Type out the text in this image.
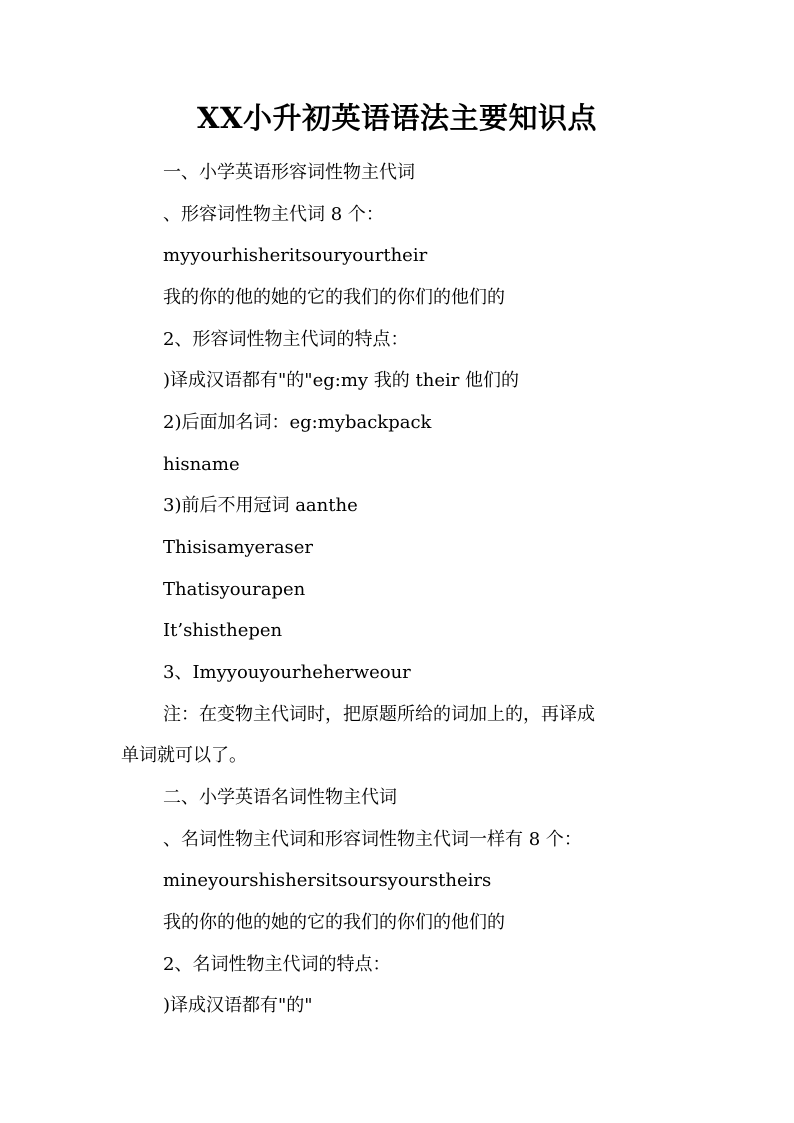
XX小升初英语语法主要知识点
一、小学英语形容词性物主代词
、形容词性物主代词 8 个：
myyourhisheritsouryourtheir
我的你的他的她的它的我们的你们的他们的
2、形容词性物主代词的特点：
)译成汉语都有"的"eg:my 我的 their 他们的
2)后面加名词：eg:mybackpack
hisname
3)前后不用冠词 aanthe
Thisisamyeraser
Thatisyourapen
It’shisthepen
3、Imyyouyourheherweour
注：在变物主代词时，把原题所给的词加上的，再译成
单词就可以了。
二、小学英语名词性物主代词
、名词性物主代词和形容词性物主代词一样有 8 个：
mineyourshishersitsoursyourstheirs
我的你的他的她的它的我们的你们的他们的
2、名词性物主代词的特点：
)译成汉语都有"的"
